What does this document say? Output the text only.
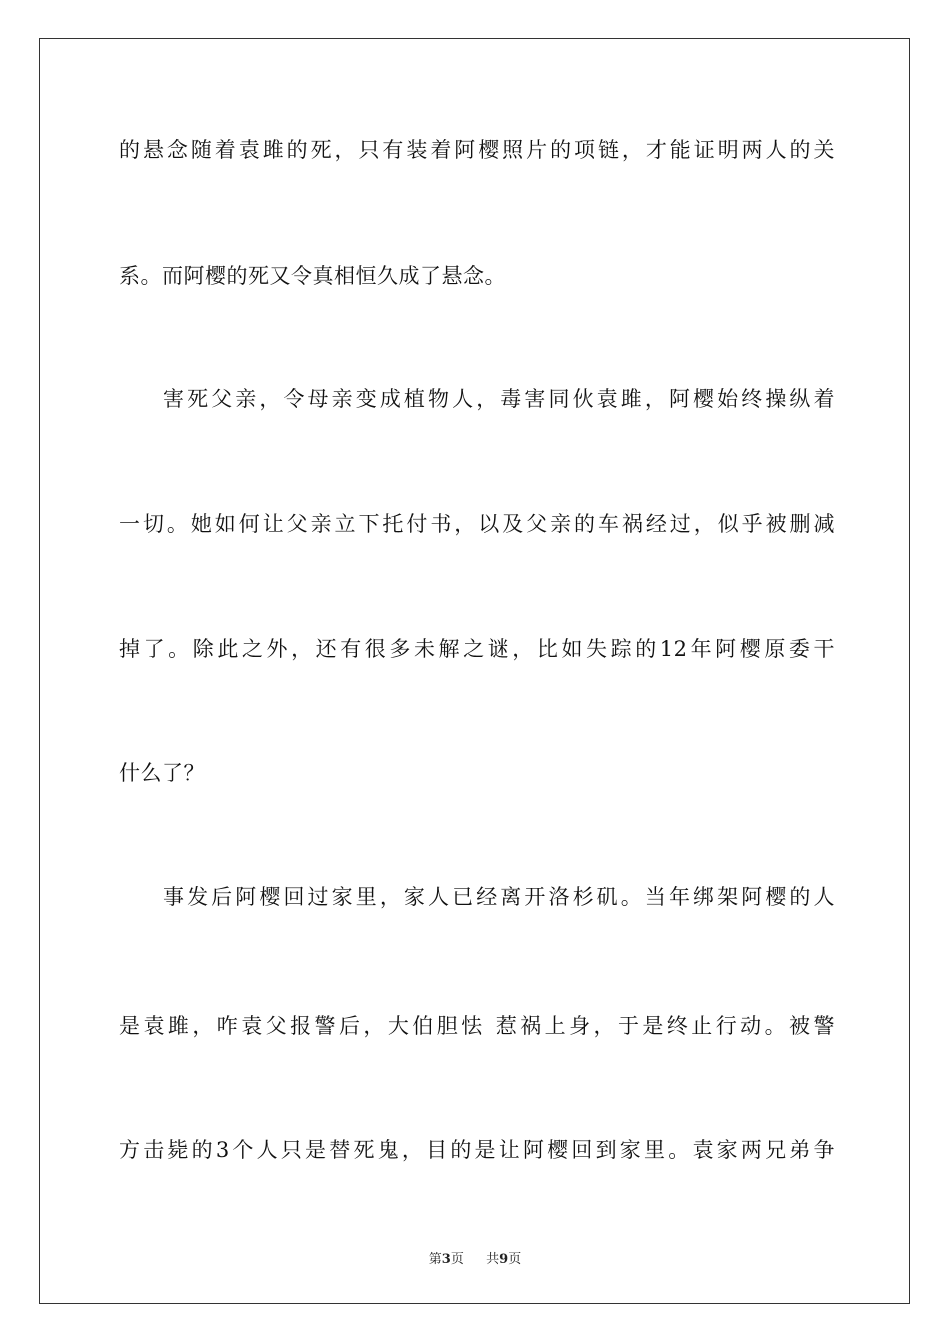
的悬念随着袁雎的死，只有装着阿樱照片的项链，才能证明两人的关
系。而阿樱的死又令真相恒久成了悬念。
害死父亲，令母亲变成植物人，毒害同伙袁雎，阿樱始终操纵着
一切。她如何让父亲立下托付书，以及父亲的车祸经过，似乎被删减
掉了。除此之外，还有很多未解之谜，比如失踪的12年阿樱原委干
什么了？
事发后阿樱回过家里，家人已经离开洛杉矶。当年绑架阿樱的人
是袁雎，咋袁父报警后，大伯胆怯 惹祸上身，于是终止行动。被警
方击毙的3个人只是替死鬼，目的是让阿樱回到家里。袁家两兄弟争
第3页 共9页
